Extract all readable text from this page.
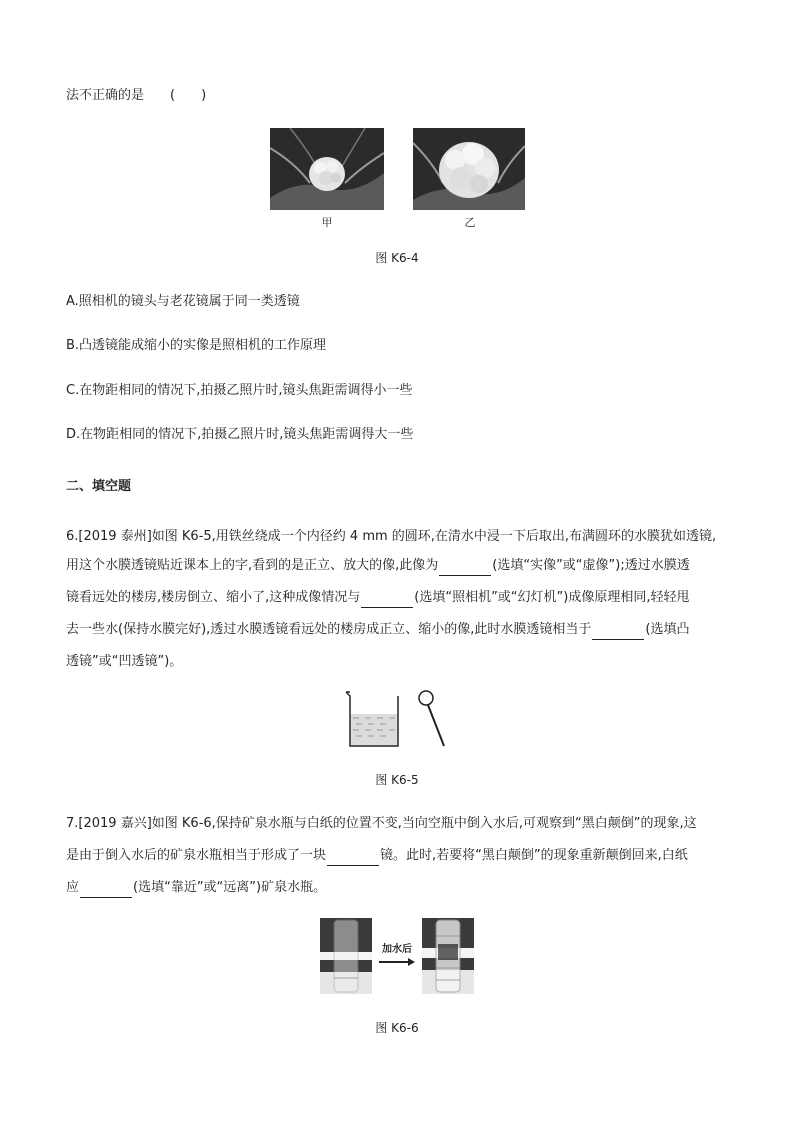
法不正确的是　　(　　)
甲	乙
图 K6-4
A.照相机的镜头与老花镜属于同一类透镜
B.凸透镜能成缩小的实像是照相机的工作原理
C.在物距相同的情况下,拍摄乙照片时,镜头焦距需调得小一些
D.在物距相同的情况下,拍摄乙照片时,镜头焦距需调得大一些
二、填空题
6.[2019 泰州]如图 K6-5,用铁丝绕成一个内径约 4 mm 的圆环,在清水中浸一下后取出,布满圆环的水膜犹如透镜,
用这个水膜透镜贴近课本上的字,看到的是正立、放大的像,此像为	(选填“实像”或“虚像”);透过水膜透
镜看远处的楼房,楼房倒立、缩小了,这种成像情况与	(选填“照相机”或“幻灯机”)成像原理相同,轻轻甩
去一些水(保持水膜完好),透过水膜透镜看远处的楼房成正立、缩小的像,此时水膜透镜相当于	(选填凸
透镜”或“凹透镜”)。
图 K6-5
7.[2019 嘉兴]如图 K6-6,保持矿泉水瓶与白纸的位置不变,当向空瓶中倒入水后,可观察到“黑白颠倒”的现象,这
是由于倒入水后的矿泉水瓶相当于形成了一块	镜。此时,若要将“黑白颠倒”的现象重新颠倒回来,白纸
应	(选填“靠近”或“远离”)矿泉水瓶。
加水后
图 K6-6
